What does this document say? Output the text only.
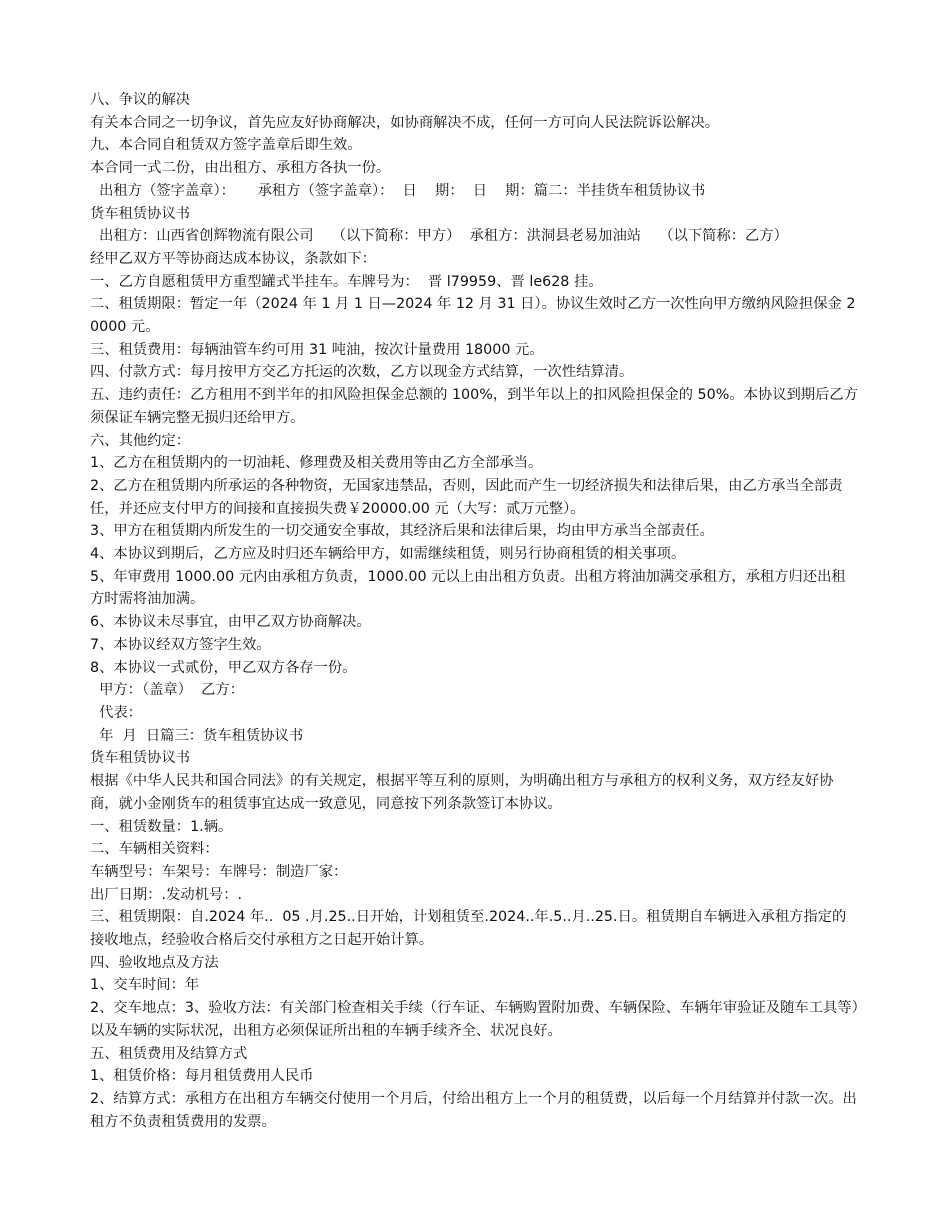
八、争议的解决

有关本合同之一切争议，首先应友好协商解决，如协商解决不成，任何一方可向人民法院诉讼解决。

九、本合同自租赁双方签字盖章后即生效。

本合同一式二份，由出租方、承租方各执一份。

出租方（签字盖章）：     承租方（签字盖章）：  日    期：  日    期：篇二：半挂货车租赁协议书

货车租赁协议书

出租方：山西省创辉物流有限公司    （以下简称：甲方）  承租方：洪洞县老易加油站    （以下简称：乙方）

经甲乙双方平等协商达成本协议，条款如下：

一、乙方自愿租赁甲方重型罐式半挂车。车牌号为：  晋 l79959、晋 le628 挂。

二、租赁期限：暂定一年（2024 年 1 月 1 日—2024 年 12 月 31 日）。协议生效时乙方一次性向甲方缴纳风险担保金 20000 元。

三、租赁费用：每辆油管车约可用 31 吨油，按次计量费用 18000 元。

四、付款方式：每月按甲方交乙方托运的次数，乙方以现金方式结算，一次性结算清。

五、违约责任：乙方租用不到半年的扣风险担保金总额的 100%，到半年以上的扣风险担保金的 50%。本协议到期后乙方须保证车辆完整无损归还给甲方。

六、其他约定：

1、乙方在租赁期内的一切油耗、修理费及相关费用等由乙方全部承当。

2、乙方在租赁期内所承运的各种物资，无国家违禁品，否则，因此而产生一切经济损失和法律后果，由乙方承当全部责任，并还应支付甲方的间接和直接损失费￥20000.00 元（大写：贰万元整）。

3、甲方在租赁期内所发生的一切交通安全事故，其经济后果和法律后果，均由甲方承当全部责任。

4、本协议到期后，乙方应及时归还车辆给甲方，如需继续租赁，则另行协商租赁的相关事项。

5、年审费用 1000.00 元内由承租方负责，1000.00 元以上由出租方负责。出租方将油加满交承租方，承租方归还出租方时需将油加满。

6、本协议未尽事宜，由甲乙双方协商解决。

7、本协议经双方签字生效。

8、本协议一式贰份，甲乙双方各存一份。

甲方：（盖章）  乙方：

代表：

年  月  日篇三：货车租赁协议书

货车租赁协议书

根据《中华人民共和国合同法》的有关规定，根据平等互利的原则，为明确出租方与承租方的权利义务，双方经友好协商，就小金刚货车的租赁事宜达成一致意见，同意按下列条款签订本协议。

一、租赁数量：1.辆。

二、车辆相关资料：

车辆型号：车架号：车牌号：制造厂家：

出厂日期：.发动机号：.

三、租赁期限：自.2024 年..  05 .月.25..日开始，计划租赁至.2024..年.5..月..25.日。租赁期自车辆进入承租方指定的接收地点，经验收合格后交付承租方之日起开始计算。

四、验收地点及方法

1、交车时间：年

2、交车地点：3、验收方法：有关部门检查相关手续（行车证、车辆购置附加费、车辆保险、车辆年审验证及随车工具等）以及车辆的实际状况，出租方必须保证所出租的车辆手续齐全、状况良好。

五、租赁费用及结算方式

1、租赁价格：每月租赁费用人民币

2、结算方式：承租方在出租方车辆交付使用一个月后，付给出租方上一个月的租赁费，以后每一个月结算并付款一次。出租方不负责租赁费用的发票。
